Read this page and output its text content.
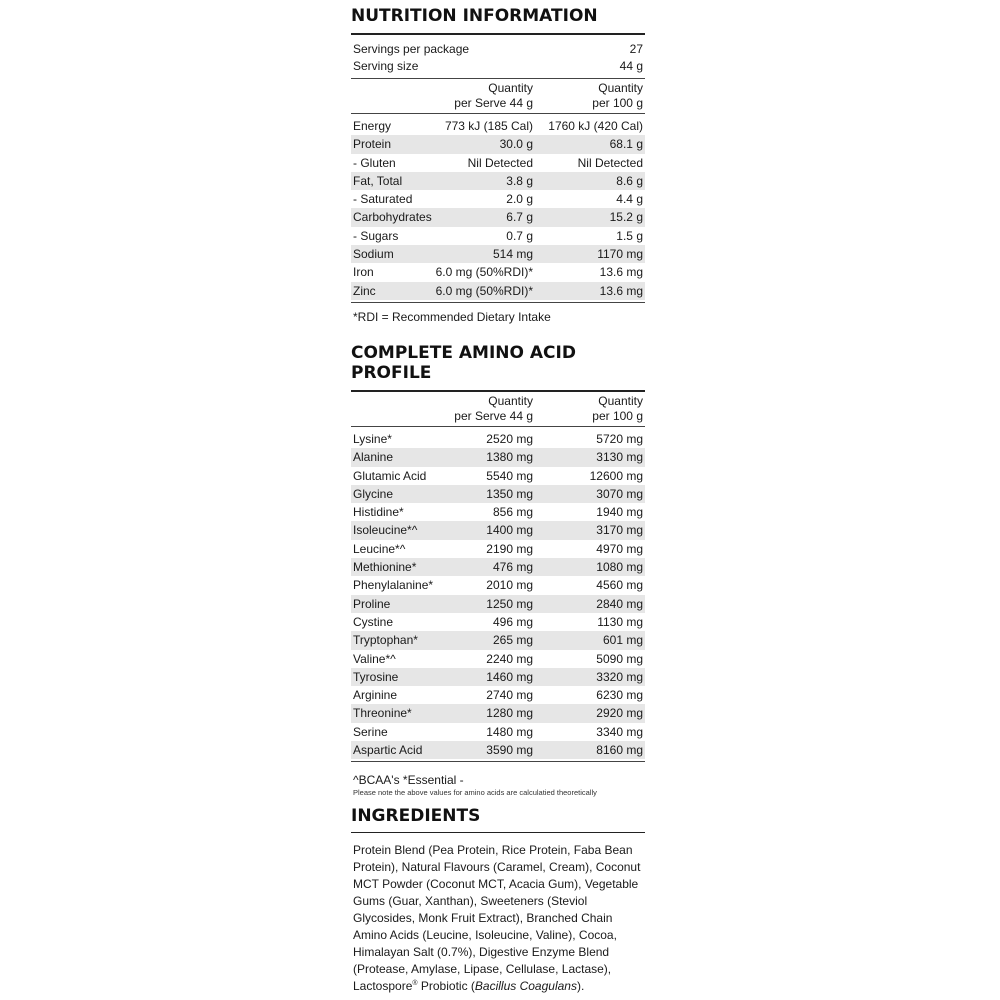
NUTRITION INFORMATION
Servings per package	27
Serving size	44 g
Quantity
per Serve 44 g
Quantity
per 100 g
Energy	773 kJ (185 Cal) 1760 kJ (420 Cal)
Protein	30.0 g	68.1 g
- Gluten	Nil Detected	Nil Detected
Fat, Total	3.8 g	8.6 g
- Saturated	2.0 g	4.4 g
Carbohydrates	6.7 g	15.2 g
- Sugars	0.7 g	1.5 g
Sodium	514 mg	1170 mg
Iron	6.0 mg (50%RDI)*	13.6 mg
Zinc	6.0 mg (50%RDI)*	13.6 mg
*RDI = Recommended Dietary Intake
COMPLETE AMINO ACID PROFILE
Quantity
per Serve 44 g
Quantity
per 100 g
Lysine*	2520 mg	5720 mg
Alanine	1380 mg	3130 mg
Glutamic Acid	5540 mg	12600 mg
Glycine	1350 mg	3070 mg
Histidine*	856 mg	1940 mg
Isoleucine*^	1400 mg	3170 mg
Leucine*^	2190 mg	4970 mg
Methionine*	476 mg	1080 mg
Phenylalanine*	2010 mg	4560 mg
Proline	1250 mg	2840 mg
Cystine	496 mg	1130 mg
Tryptophan*	265 mg	601 mg
Valine*^	2240 mg	5090 mg
Tyrosine	1460 mg	3320 mg
Arginine	2740 mg	6230 mg
Threonine*	1280 mg	2920 mg
Serine	1480 mg	3340 mg
Aspartic Acid	3590 mg	8160 mg
^BCAA's *Essential -
Please note the above values for amino acids are calculatied theoretically
INGREDIENTS

Protein Blend (Pea Protein, Rice Protein, Faba Bean Protein), Natural Flavours (Caramel, Cream), Coconut MCT Powder (Coconut MCT, Acacia Gum), Vegetable Gums (Guar, Xanthan), Sweeteners (Steviol Glycosides, Monk Fruit Extract), Branched Chain Amino Acids (Leucine, Isoleucine, Valine), Cocoa, Himalayan Salt (0.7%), Digestive Enzyme Blend (Protease, Amylase, Lipase, Cellulase, Lactase), Lactospore® Probiotic (Bacillus Coagulans).
